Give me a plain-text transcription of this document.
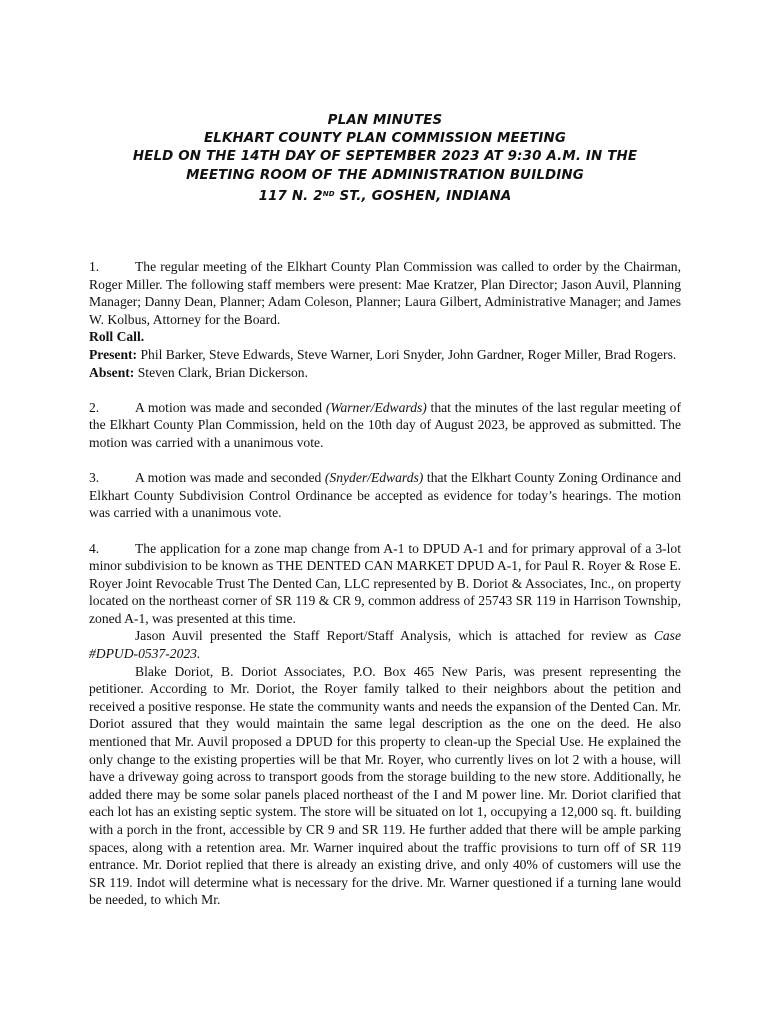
PLAN MINUTES
ELKHART COUNTY PLAN COMMISSION MEETING
HELD ON THE 14TH DAY OF SEPTEMBER 2023 AT 9:30 A.M. IN THE
MEETING ROOM OF THE ADMINISTRATION BUILDING
117 N. 2ND ST., GOSHEN, INDIANA

1.	The regular meeting of the Elkhart County Plan Commission was called to order by the Chairman, Roger Miller. The following staff members were present: Mae Kratzer, Plan Director; Jason Auvil, Planning Manager; Danny Dean, Planner; Adam Coleson, Planner; Laura Gilbert, Administrative Manager; and James W. Kolbus, Attorney for the Board.

Roll Call.

Present: Phil Barker, Steve Edwards, Steve Warner, Lori Snyder, John Gardner, Roger Miller, Brad Rogers.

Absent: Steven Clark, Brian Dickerson.

2.	A motion was made and seconded (Warner/Edwards) that the minutes of the last regular meeting of the Elkhart County Plan Commission, held on the 10th day of August 2023, be approved as submitted. The motion was carried with a unanimous vote.

3.	A motion was made and seconded (Snyder/Edwards) that the Elkhart County Zoning Ordinance and Elkhart County Subdivision Control Ordinance be accepted as evidence for today’s hearings. The motion was carried with a unanimous vote.

4.	The application for a zone map change from A-1 to DPUD A-1 and for primary approval of a 3-lot minor subdivision to be known as THE DENTED CAN MARKET DPUD A-1, for Paul R. Royer & Rose E. Royer Joint Revocable Trust The Dented Can, LLC represented by B. Doriot & Associates, Inc., on property located on the northeast corner of SR 119 & CR 9, common address of 25743 SR 119 in Harrison Township, zoned A-1, was presented at this time.

Jason Auvil presented the Staff Report/Staff Analysis, which is attached for review as Case #DPUD-0537-2023.

Blake Doriot, B. Doriot Associates, P.O. Box 465 New Paris, was present representing the petitioner. According to Mr. Doriot, the Royer family talked to their neighbors about the petition and received a positive response. He state the community wants and needs the expansion of the Dented Can. Mr. Doriot assured that they would maintain the same legal description as the one on the deed. He also mentioned that Mr. Auvil proposed a DPUD for this property to clean-up the Special Use. He explained the only change to the existing properties will be that Mr. Royer, who currently lives on lot 2 with a house, will have a driveway going across to transport goods from the storage building to the new store. Additionally, he added there may be some solar panels placed northeast of the I and M power line. Mr. Doriot clarified that each lot has an existing septic system. The store will be situated on lot 1, occupying a 12,000 sq. ft. building with a porch in the front, accessible by CR 9 and SR 119. He further added that there will be ample parking spaces, along with a retention area. Mr. Warner inquired about the traffic provisions to turn off of SR 119 entrance. Mr. Doriot replied that there is already an existing drive, and only 40% of customers will use the SR 119. Indot will determine what is necessary for the drive. Mr. Warner questioned if a turning lane would be needed, to which Mr.
